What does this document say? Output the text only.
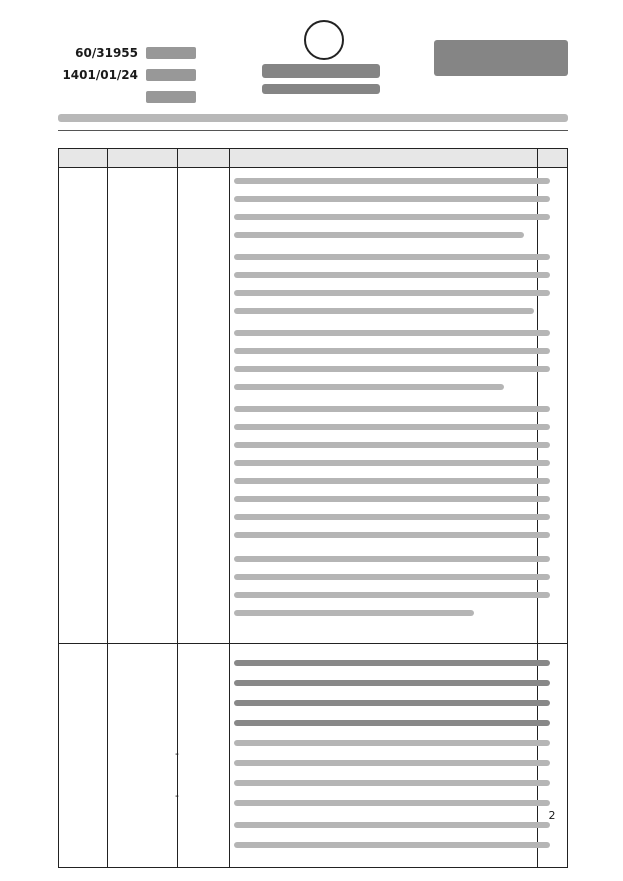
60/31955
1401/01/24
2
-
-
